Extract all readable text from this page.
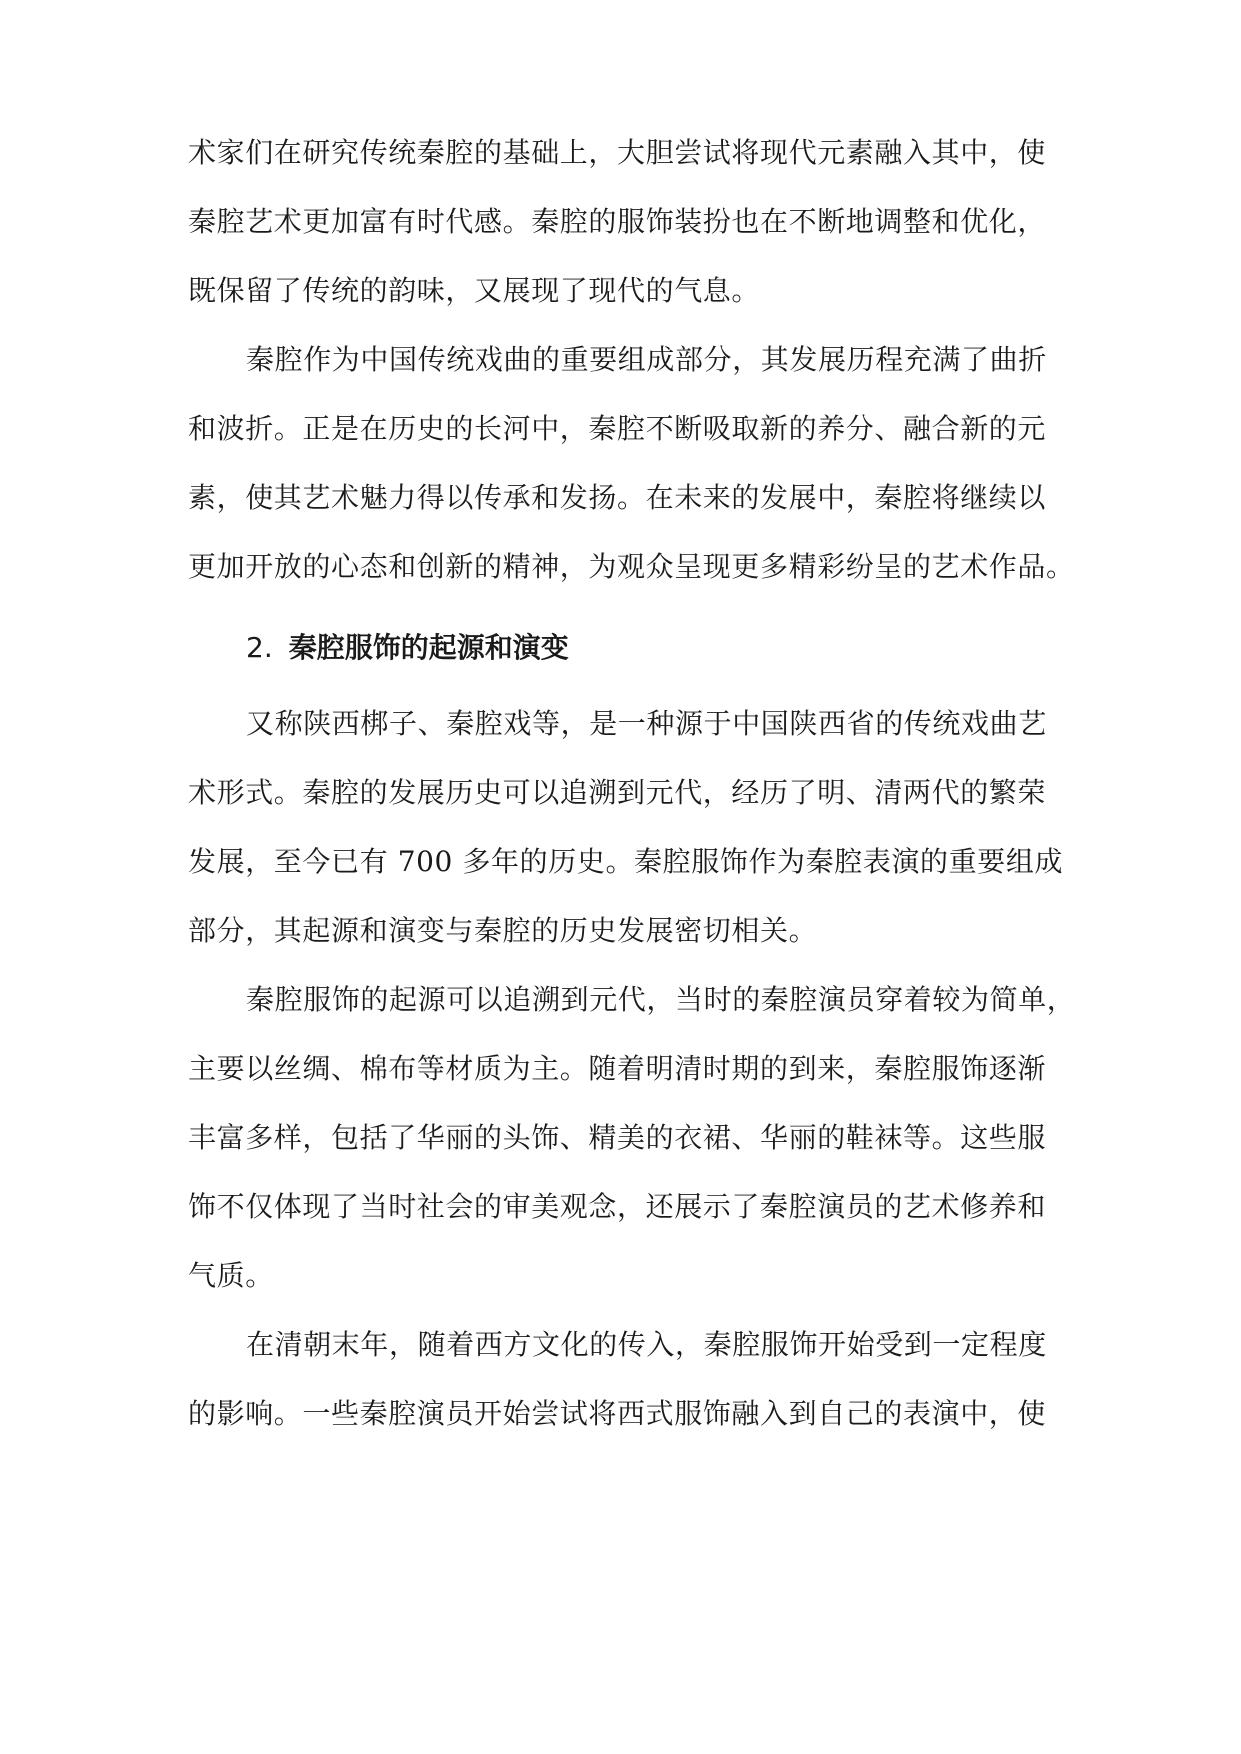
术家们在研究传统秦腔的基础上，大胆尝试将现代元素融入其中，使
秦腔艺术更加富有时代感。秦腔的服饰装扮也在不断地调整和优化，
既保留了传统的韵味，又展现了现代的气息。
秦腔作为中国传统戏曲的重要组成部分，其发展历程充满了曲折
和波折。正是在历史的长河中，秦腔不断吸取新的养分、融合新的元
素，使其艺术魅力得以传承和发扬。在未来的发展中，秦腔将继续以
更加开放的心态和创新的精神，为观众呈现更多精彩纷呈的艺术作品。
2. 秦腔服饰的起源和演变
又称陕西梆子、秦腔戏等，是一种源于中国陕西省的传统戏曲艺
术形式。秦腔的发展历史可以追溯到元代，经历了明、清两代的繁荣
发展，至今已有 700 多年的历史。秦腔服饰作为秦腔表演的重要组成
部分，其起源和演变与秦腔的历史发展密切相关。
秦腔服饰的起源可以追溯到元代，当时的秦腔演员穿着较为简单，
主要以丝绸、棉布等材质为主。随着明清时期的到来，秦腔服饰逐渐
丰富多样，包括了华丽的头饰、精美的衣裙、华丽的鞋袜等。这些服
饰不仅体现了当时社会的审美观念，还展示了秦腔演员的艺术修养和
气质。
在清朝末年，随着西方文化的传入，秦腔服饰开始受到一定程度
的影响。一些秦腔演员开始尝试将西式服饰融入到自己的表演中，使
